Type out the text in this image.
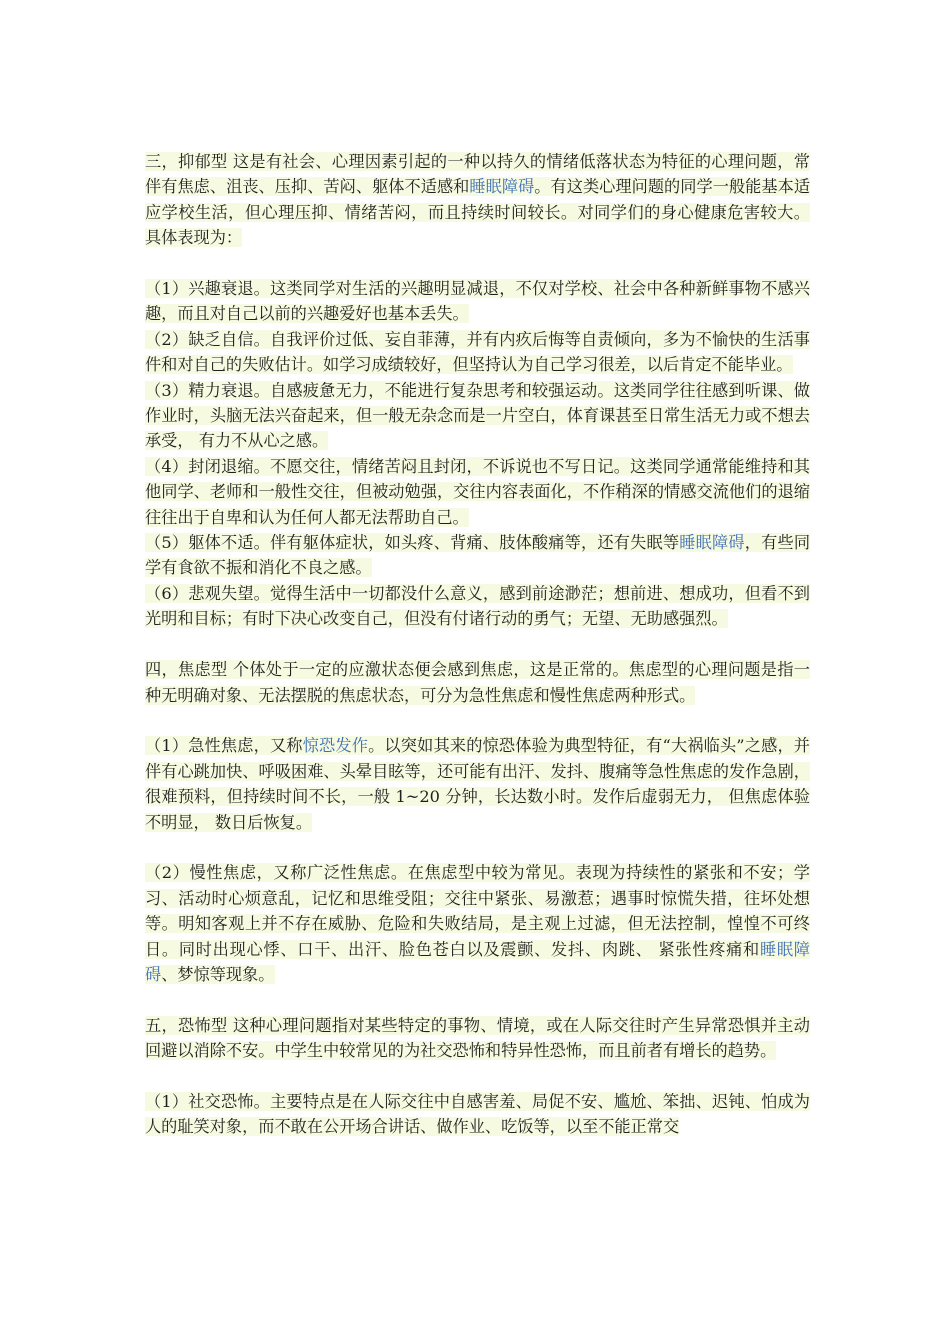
三，抑郁型 这是有社会、心理因素引起的一种以持久的情绪低落状态为特征的心理问题，常伴有焦虑、沮丧、压抑、苦闷、躯体不适感和睡眠障碍。有这类心理问题的同学一般能基本适应学校生活，但心理压抑、情绪苦闷，而且持续时间较长。对同学们的身心健康危害较大。 具体表现为：

（1）兴趣衰退。这类同学对生活的兴趣明显减退，不仅对学校、社会中各种新鲜事物不感兴趣，而且对自己以前的兴趣爱好也基本丢失。

（2）缺乏自信。自我评价过低、妄自菲薄，并有内疚后悔等自责倾向，多为不愉快的生活事件和对自己的失败估计。如学习成绩较好，但坚持认为自己学习很差，以后肯定不能毕业。

（3）精力衰退。自感疲惫无力，不能进行复杂思考和较强运动。这类同学往往感到听课、做作业时，头脑无法兴奋起来，但一般无杂念而是一片空白，体育课甚至日常生活无力或不想去承受， 有力不从心之感。

（4）封闭退缩。不愿交往，情绪苦闷且封闭，不诉说也不写日记。这类同学通常能维持和其他同学、老师和一般性交往，但被动勉强，交往内容表面化，不作稍深的情感交流他们的退缩往往出于自卑和认为任何人都无法帮助自己。

（5）躯体不适。伴有躯体症状，如头疼、背痛、肢体酸痛等，还有失眠等睡眠障碍，有些同学有食欲不振和消化不良之感。

（6）悲观失望。觉得生活中一切都没什么意义，感到前途渺茫；想前进、想成功，但看不到光明和目标；有时下决心改变自己，但没有付诸行动的勇气；无望、无助感强烈。

四，焦虑型 个体处于一定的应激状态便会感到焦虑，这是正常的。焦虑型的心理问题是指一种无明确对象、无法摆脱的焦虑状态，可分为急性焦虑和慢性焦虑两种形式。

（1）急性焦虑，又称惊恐发作。以突如其来的惊恐体验为典型特征，有“大祸临头”之感，并伴有心跳加快、呼吸困难、头晕目眩等，还可能有出汗、发抖、腹痛等急性焦虑的发作急剧，很难预料，但持续时间不长，一般 1~20 分钟，长达数小时。发作后虚弱无力， 但焦虑体验不明显， 数日后恢复。

（2）慢性焦虑，又称广泛性焦虑。在焦虑型中较为常见。表现为持续性的紧张和不安；学习、活动时心烦意乱，记忆和思维受阻；交往中紧张、易激惹；遇事时惊慌失措，往坏处想等。明知客观上并不存在威胁、危险和失败结局，是主观上过滤，但无法控制，惶惶不可终日。同时出现心悸、口干、出汗、脸色苍白以及震颤、发抖、肉跳、 紧张性疼痛和睡眠障碍、梦惊等现象。

五，恐怖型 这种心理问题指对某些特定的事物、情境，或在人际交往时产生异常恐惧并主动回避以消除不安。中学生中较常见的为社交恐怖和特异性恐怖，而且前者有增长的趋势。

（1）社交恐怖。主要特点是在人际交往中自感害羞、局促不安、尴尬、笨拙、迟钝、怕成为人的耻笑对象，而不敢在公开场合讲话、做作业、吃饭等，以至不能正常交
